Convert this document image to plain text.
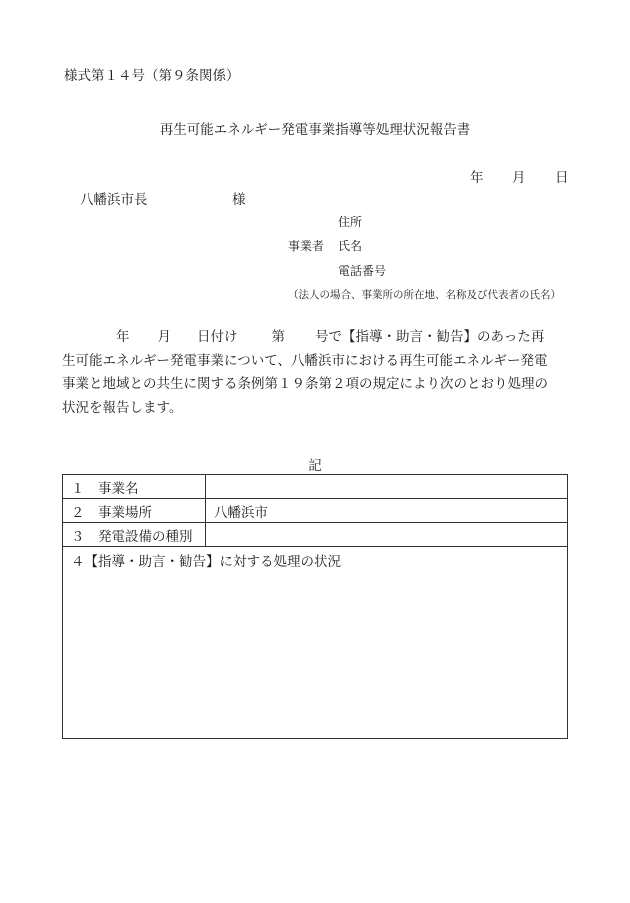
様式第１４号（第９条関係）
再生可能エネルギー発電事業指導等処理状況報告書
年 月 日
八幡浜市長	様
住所
事業者 氏名
電話番号
（法人の場合、事業所の所在地、名称及び代表者の氏名）
年 月 日付け	第 号で【指導・助言・勧告】のあった再
生可能エネルギー発電事業について、八幡浜市における再生可能エネルギー発電
事業と地域との共生に関する条例第１９条第２項の規定により次のとおり処理の
状況を報告します。
記
１　事業名	
２　事業場所	八幡浜市
３　発電設備の種別	
４【指導・助言・勧告】に対する処理の状況	
